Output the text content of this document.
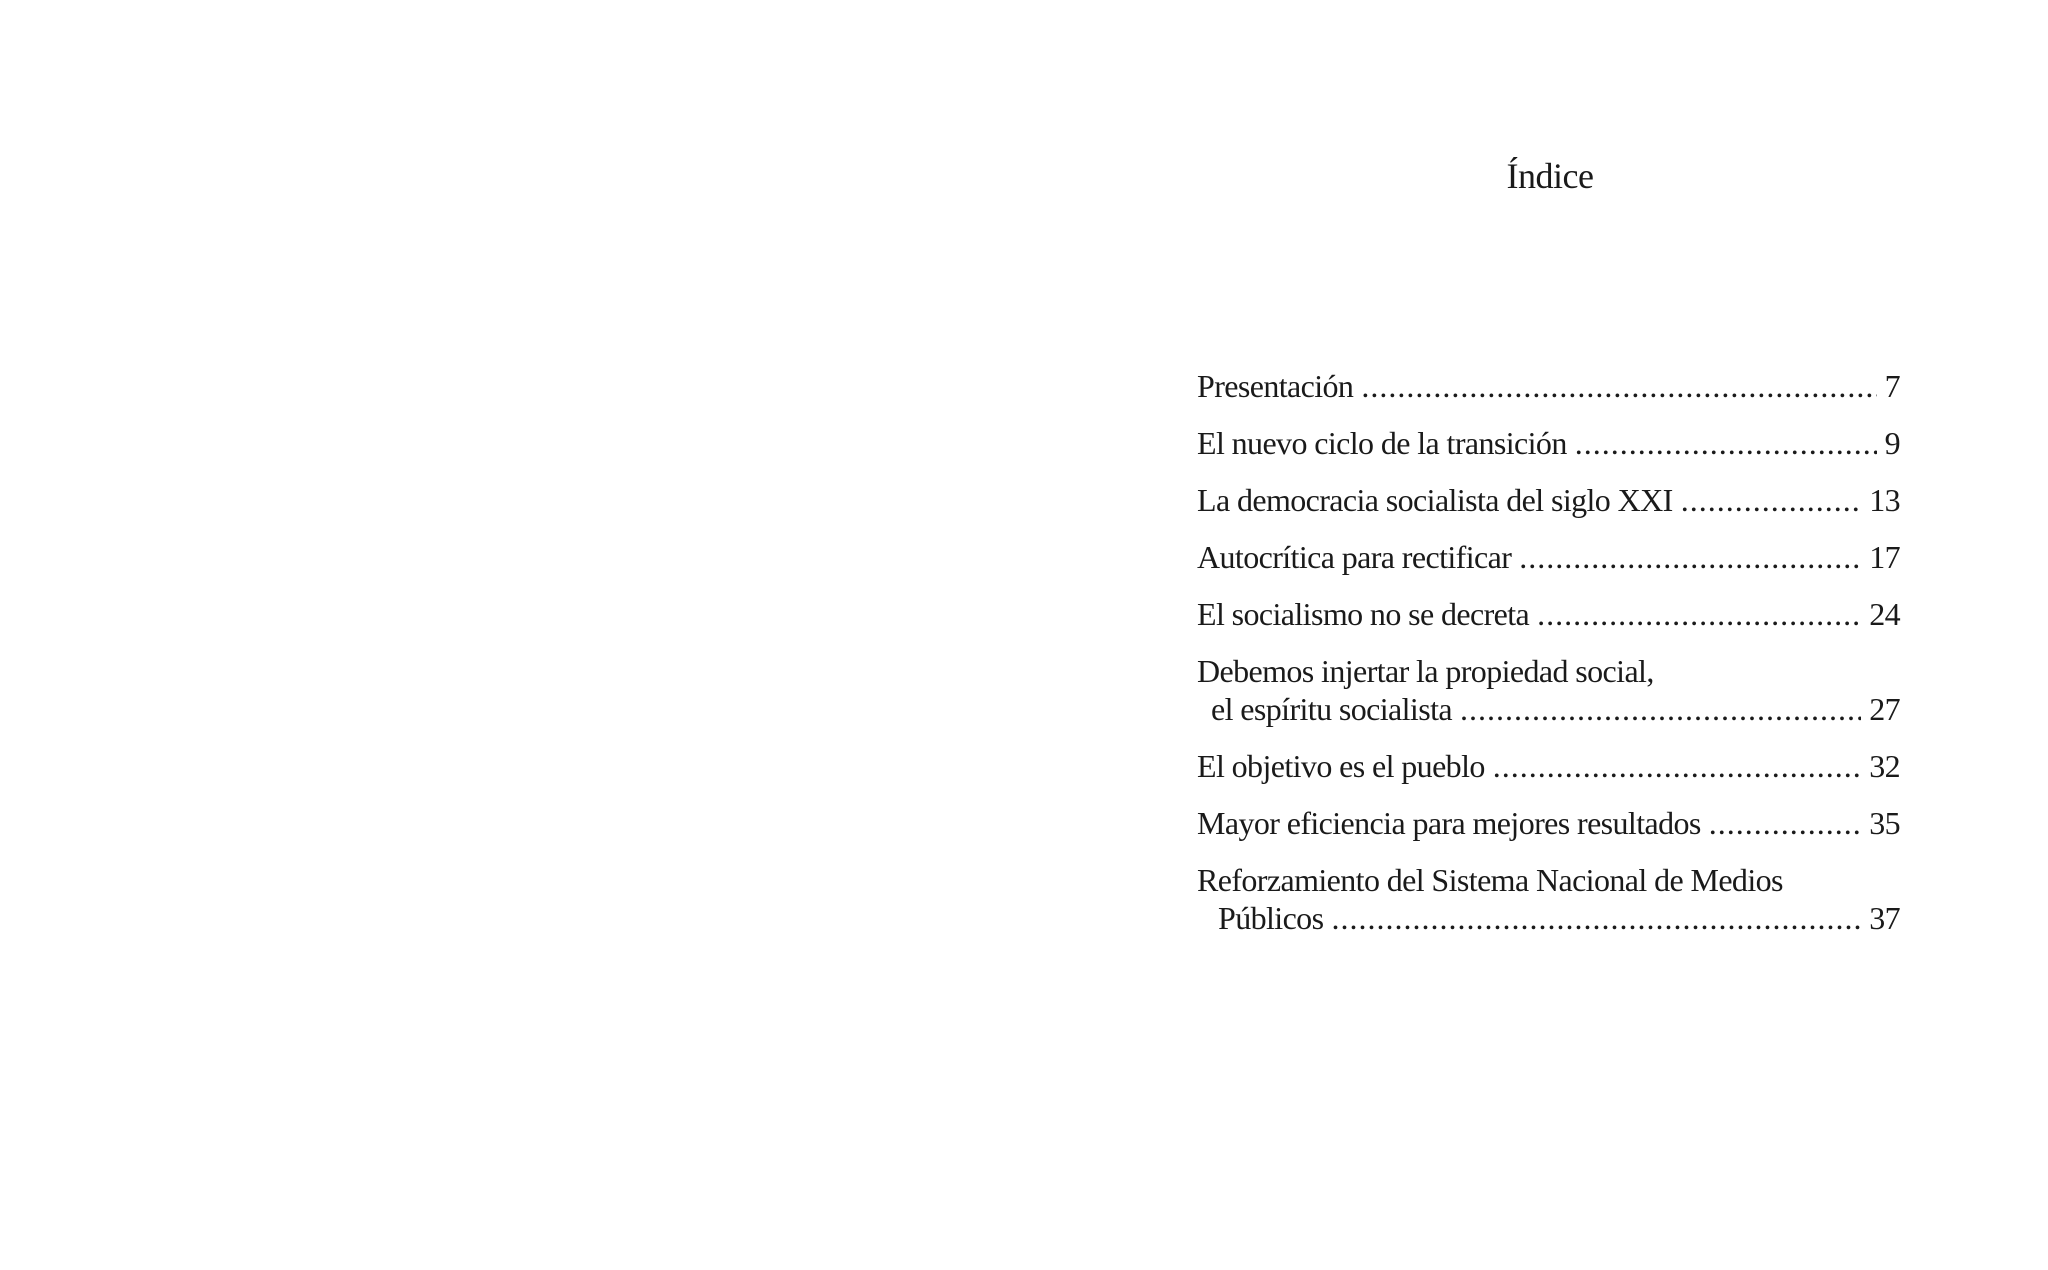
Índice
Presentación .....	7
El nuevo ciclo de la transición .....	9
La democracia socialista del siglo XXI .....	13
Autocrítica para rectificar .....	17
El socialismo no se decreta .....	24
Debemos injertar la propiedad social,
el espíritu socialista .....	27
El objetivo es el pueblo .....	32
Mayor eficiencia para mejores resultados .....	35
Reforzamiento del Sistema Nacional de Medios
Públicos .....	37
